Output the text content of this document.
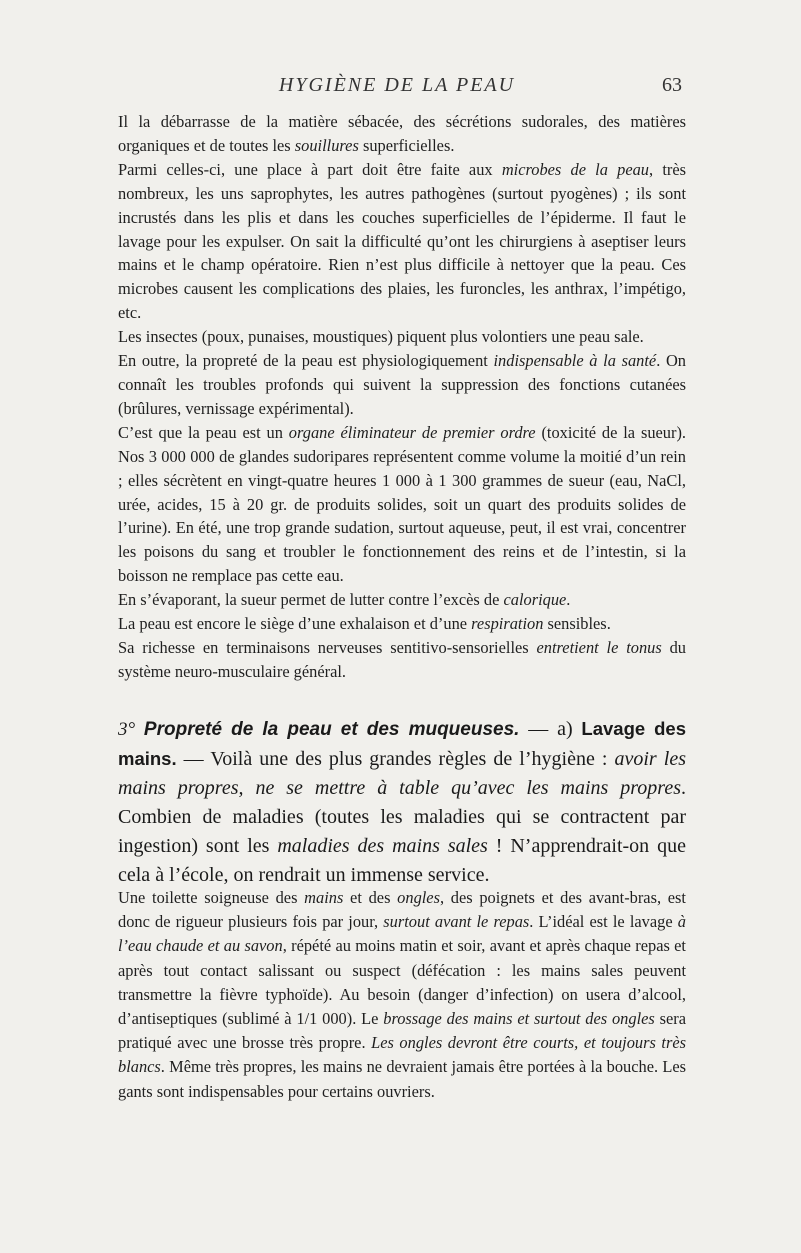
HYGIÈNE DE LA PEAU	63

Il la débarrasse de la matière sébacée, des sécrétions sudorales, des matières organiques et de toutes les souillures superficielles.

Parmi celles-ci, une place à part doit être faite aux microbes de la peau, très nombreux, les uns saprophytes, les autres pathogènes (surtout pyogènes) ; ils sont incrustés dans les plis et dans les couches superficielles de l’épiderme. Il faut le lavage pour les expulser. On sait la difficulté qu’ont les chirurgiens à aseptiser leurs mains et le champ opératoire. Rien n’est plus difficile à nettoyer que la peau. Ces microbes causent les complications des plaies, les furoncles, les anthrax, l’impétigo, etc.

Les insectes (poux, punaises, moustiques) piquent plus volontiers une peau sale.

En outre, la propreté de la peau est physiologiquement indispensable à la santé. On connaît les troubles profonds qui suivent la suppression des fonctions cutanées (brûlures, vernissage expérimental).

C’est que la peau est un organe éliminateur de premier ordre (toxicité de la sueur). Nos 3 000 000 de glandes sudoripares représentent comme volume la moitié d’un rein ; elles sécrètent en vingt-quatre heures 1 000 à 1 300 grammes de sueur (eau, NaCl, urée, acides, 15 à 20 gr. de produits solides, soit un quart des produits solides de l’urine). En été, une trop grande sudation, surtout aqueuse, peut, il est vrai, concentrer les poisons du sang et troubler le fonctionnement des reins et de l’intestin, si la boisson ne remplace pas cette eau.

En s’évaporant, la sueur permet de lutter contre l’excès de calorique.

La peau est encore le siège d’une exhalaison et d’une respiration sensibles.

Sa richesse en terminaisons nerveuses sentitivo-sensorielles entretient le tonus du système neuro-musculaire général.

3° Propreté de la peau et des muqueuses. — a) Lavage des mains. — Voilà une des plus grandes règles de l’hygiène : avoir les mains propres, ne se mettre à table qu’avec les mains propres. Combien de maladies (toutes les maladies qui se contractent par ingestion) sont les maladies des mains sales ! N’apprendrait-on que cela à l’école, on rendrait un immense service.

Une toilette soigneuse des mains et des ongles, des poignets et des avant-bras, est donc de rigueur plusieurs fois par jour, surtout avant le repas. L’idéal est le lavage à l’eau chaude et au savon, répété au moins matin et soir, avant et après chaque repas et après tout contact salissant ou suspect (défécation : les mains sales peuvent transmettre la fièvre typhoïde). Au besoin (danger d’infection) on usera d’alcool, d’antiseptiques (sublimé à 1/1 000). Le brossage des mains et surtout des ongles sera pratiqué avec une brosse très propre. Les ongles devront être courts, et toujours très blancs. Même très propres, les mains ne devraient jamais être portées à la bouche. Les gants sont indispensables pour certains ouvriers.
